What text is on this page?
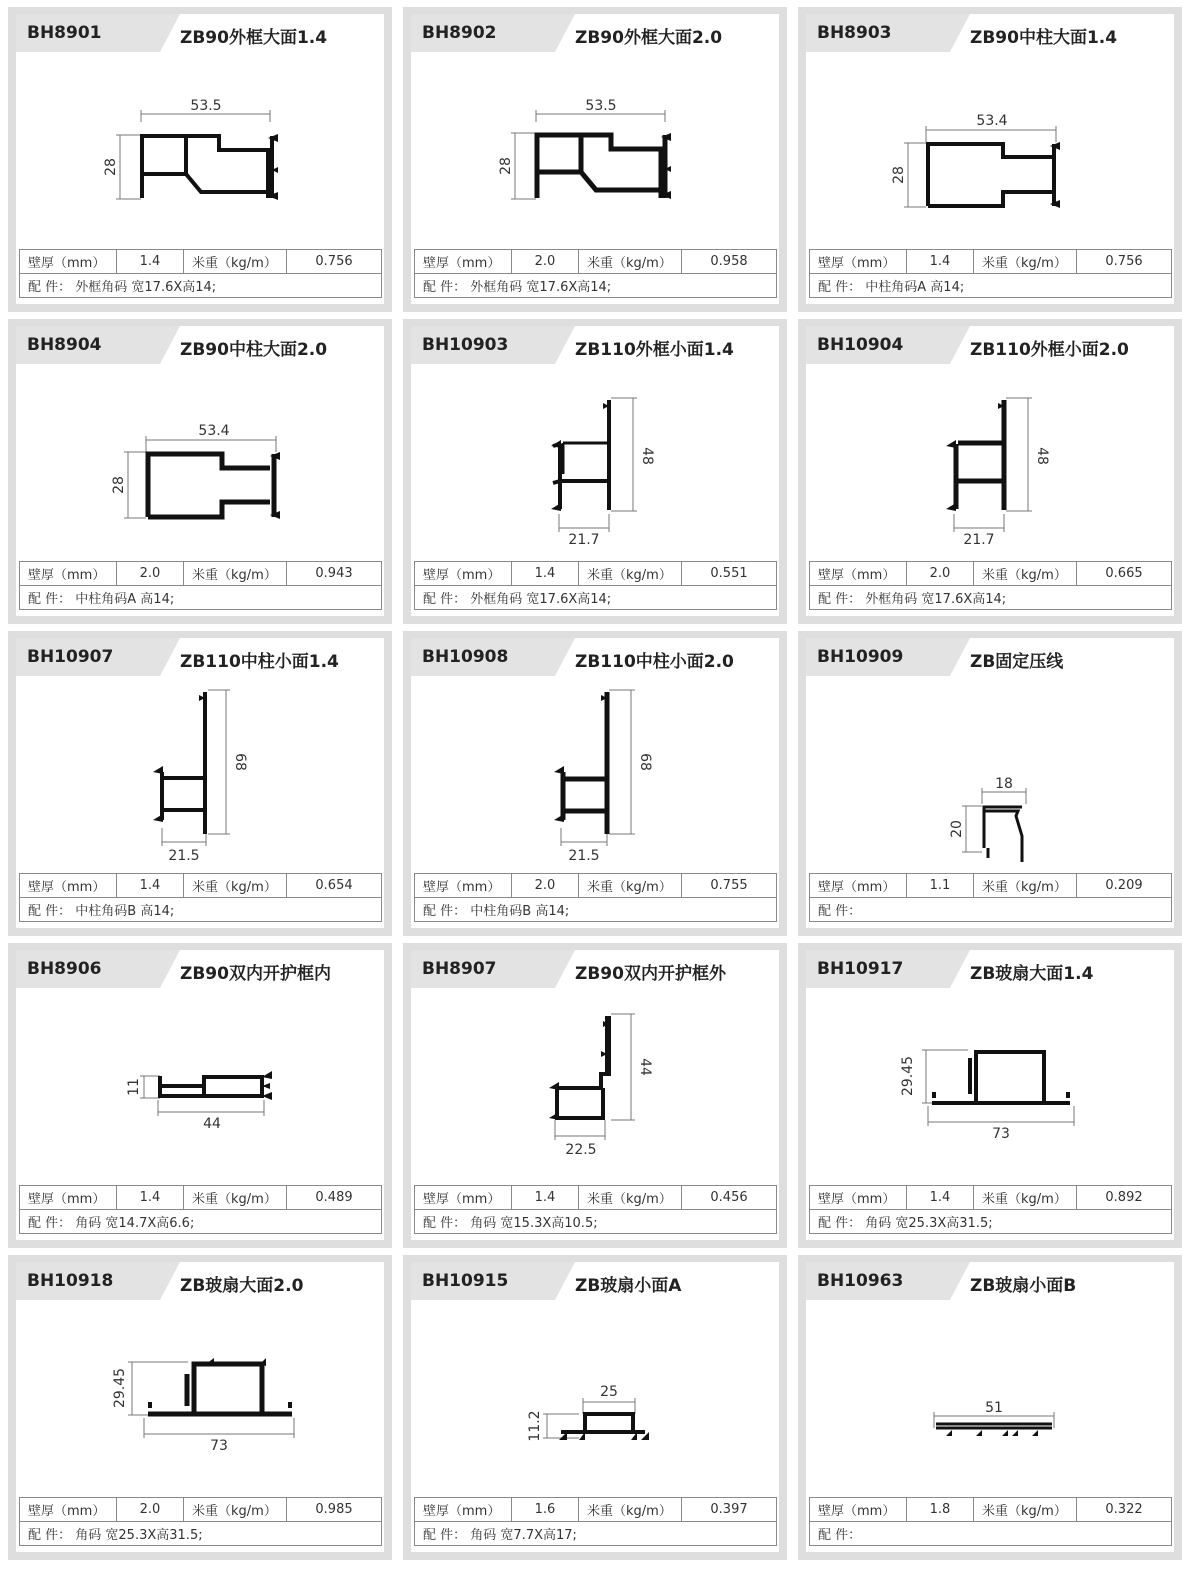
BH8901	ZB90外框大面1.4
53.5
28
壁厚（mm）	1.4	米重（kg/m）	0.756
配 件： 外框角码 宽17.6X高14;
BH8902	ZB90外框大面2.0
53.5
28
壁厚（mm）	2.0	米重（kg/m）	0.958
配 件： 外框角码 宽17.6X高14;
BH8903	ZB90中柱大面1.4
53.4
28
壁厚（mm）	1.4	米重（kg/m）	0.756
配 件： 中柱角码A 高14;
BH8904	ZB90中柱大面2.0
53.4
28
壁厚（mm）	2.0	米重（kg/m）	0.943
配 件： 中柱角码A 高14;
BH10903	ZB110外框小面1.4
48
21.7
壁厚（mm）	1.4	米重（kg/m）	0.551
配 件： 外框角码 宽17.6X高14;
BH10904	ZB110外框小面2.0
48
21.7
壁厚（mm）	2.0	米重（kg/m）	0.665
配 件： 外框角码 宽17.6X高14;
BH10907	ZB110中柱小面1.4
68
21.5
壁厚（mm）	1.4	米重（kg/m）	0.654
配 件： 中柱角码B 高14;
BH10908	ZB110中柱小面2.0
68
21.5
壁厚（mm）	2.0	米重（kg/m）	0.755
配 件： 中柱角码B 高14;
BH10909	ZB固定压线
18
20
壁厚（mm）	1.1	米重（kg/m）	0.209
配 件：
BH8906	ZB90双内开护框内
11
44
壁厚（mm）	1.4	米重（kg/m）	0.489
配 件： 角码 宽14.7X高6.6;
BH8907	ZB90双内开护框外
44
22.5
壁厚（mm）	1.4	米重（kg/m）	0.456
配 件： 角码 宽15.3X高10.5;
BH10917	ZB玻扇大面1.4
29.45
73
壁厚（mm）	1.4	米重（kg/m）	0.892
配 件： 角码 宽25.3X高31.5;
BH10918	ZB玻扇大面2.0
29.45
73
壁厚（mm）	2.0	米重（kg/m）	0.985
配 件： 角码 宽25.3X高31.5;
BH10915	ZB玻扇小面A
25
11.2
壁厚（mm）	1.6	米重（kg/m）	0.397
配 件： 角码 宽7.7X高17;
BH10963	ZB玻扇小面B
51
壁厚（mm）	1.8	米重（kg/m）	0.322
配 件：
